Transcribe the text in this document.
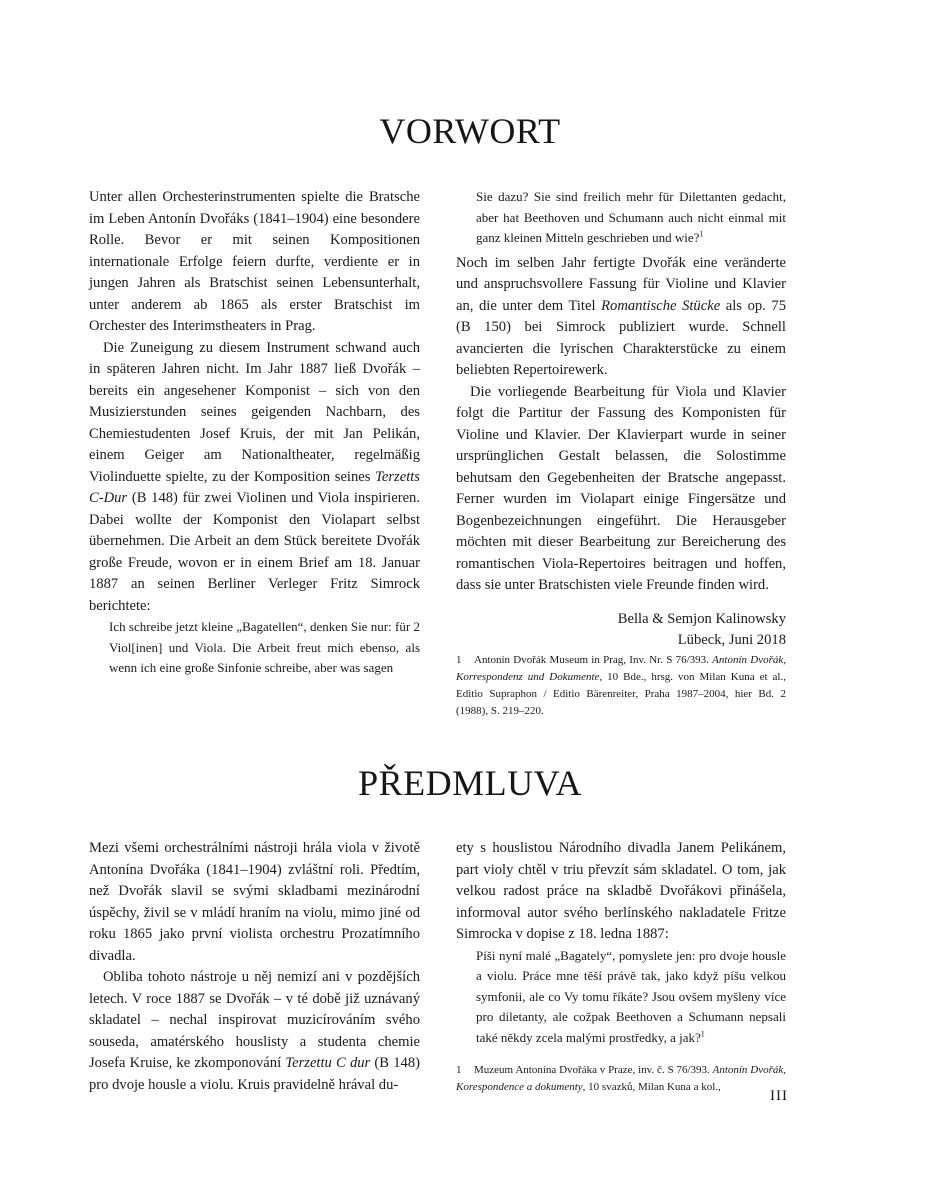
VORWORT

Unter allen Orchesterinstrumenten spielte die Bratsche im Leben Antonín Dvořáks (1841–1904) eine besondere Rolle. Bevor er mit seinen Kompositionen internationale Erfolge feiern durfte, verdiente er in jungen Jahren als Bratschist seinen Lebensunterhalt, unter anderem ab 1865 als erster Bratschist im Orchester des Interimstheaters in Prag.

Die Zuneigung zu diesem Instrument schwand auch in späteren Jahren nicht. Im Jahr 1887 ließ Dvořák – bereits ein angesehener Komponist – sich von den Musizierstunden seines geigenden Nachbarn, des Chemiestudenten Josef Kruis, der mit Jan Pelikán, einem Geiger am Nationaltheater, regelmäßig Violinduette spielte, zu der Komposition seines Terzetts C-Dur (B 148) für zwei Violinen und Viola inspirieren. Dabei wollte der Komponist den Violapart selbst übernehmen. Die Arbeit an dem Stück bereitete Dvořák große Freude, wovon er in einem Brief am 18. Januar 1887 an seinen Berliner Verleger Fritz Simrock berichtete:

Ich schreibe jetzt kleine „Bagatellen“, denken Sie nur: für 2 Viol[inen] und Viola. Die Arbeit freut mich ebenso, als wenn ich eine große Sinfonie schreibe, aber was sagen

Sie dazu? Sie sind freilich mehr für Dilettanten gedacht, aber hat Beethoven und Schumann auch nicht einmal mit ganz kleinen Mitteln geschrieben und wie?$^1$

Noch im selben Jahr fertigte Dvořák eine veränderte und anspruchsvollere Fassung für Violine und Klavier an, die unter dem Titel Romantische Stücke als op. 75 (B 150) bei Simrock publiziert wurde. Schnell avancierten die lyrischen Charakterstücke zu einem beliebten Repertoirewerk.

Die vorliegende Bearbeitung für Viola und Klavier folgt die Partitur der Fassung des Komponisten für Violine und Klavier. Der Klavierpart wurde in seiner ursprünglichen Gestalt belassen, die Solostimme behutsam den Gegebenheiten der Bratsche angepasst. Ferner wurden im Violapart einige Fingersätze und Bogenbezeichnungen eingeführt. Die Herausgeber möchten mit dieser Bearbeitung zur Bereicherung des romantischen Viola-Repertoires beitragen und hoffen, dass sie unter Bratschisten viele Freunde finden wird.

Bella & Semjon Kalinowsky
Lübeck, Juni 2018

1 Antonín Dvořák Museum in Prag, Inv. Nr. S 76/393. Antonín Dvořák, Korrespondenz und Dokumente, 10 Bde., hrsg. von Milan Kuna et al., Editio Supraphon / Editio Bärenreiter, Praha 1987–2004, hier Bd. 2 (1988), S. 219–220.

PŘEDMLUVA

Mezi všemi orchestrálními nástroji hrála viola v životě Antonína Dvořáka (1841–1904) zvláštní roli. Předtím, než Dvořák slavil se svými skladbami mezinárodní úspěchy, živil se v mládí hraním na violu, mimo jiné od roku 1865 jako první violista orchestru Prozatímního divadla.

Obliba tohoto nástroje u něj nemizí ani v pozdějších letech. V roce 1887 se Dvořák – v té době již uznávaný skladatel – nechal inspirovat muzicírováním svého souseda, amatérského houslisty a studenta chemie Josefa Kruise, ke zkomponování Terzettu C dur (B 148) pro dvoje housle a violu. Kruis pravidelně hrával du-

ety s houslistou Národního divadla Janem Pelikánem, part violy chtěl v triu převzít sám skladatel. O tom, jak velkou radost práce na skladbě Dvořákovi přinášela, informoval autor svého berlínského nakladatele Fritze Simrocka v dopise z 18. ledna 1887:

Píši nyní malé „Bagately“, pomyslete jen: pro dvoje housle a violu. Práce mne těší právě tak, jako když píšu velkou symfonii, ale co Vy tomu říkáte? Jsou ovšem myšleny více pro diletanty, ale cožpak Beethoven a Schumann nepsali také někdy zcela malými prostředky, a jak?$^1$

1 Muzeum Antonína Dvořáka v Praze, inv. č. S 76/393. Antonín Dvořák, Korespondence a dokumenty, 10 svazků, Milan Kuna a kol.,

III
